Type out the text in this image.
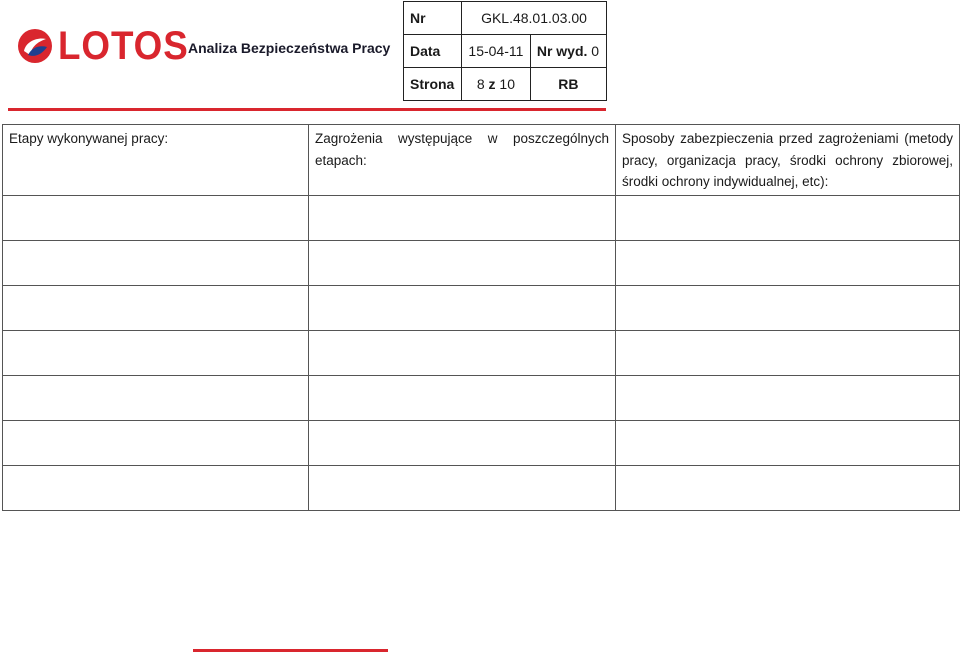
LOTOS Analiza Bezpieczeństwa Pracy
Nr	GKL.48.01.03.00	
Data	15-04-11	Nr wyd. 0
Strona	8 z 10	RB
Etapy wykonywanej pracy:	Zagrożenia występujące w poszczególnych etapach:	Sposoby zabezpieczenia przed zagrożeniami (metody pracy, organizacja pracy, środki ochrony zbiorowej, środki ochrony indywidualnej, etc):
